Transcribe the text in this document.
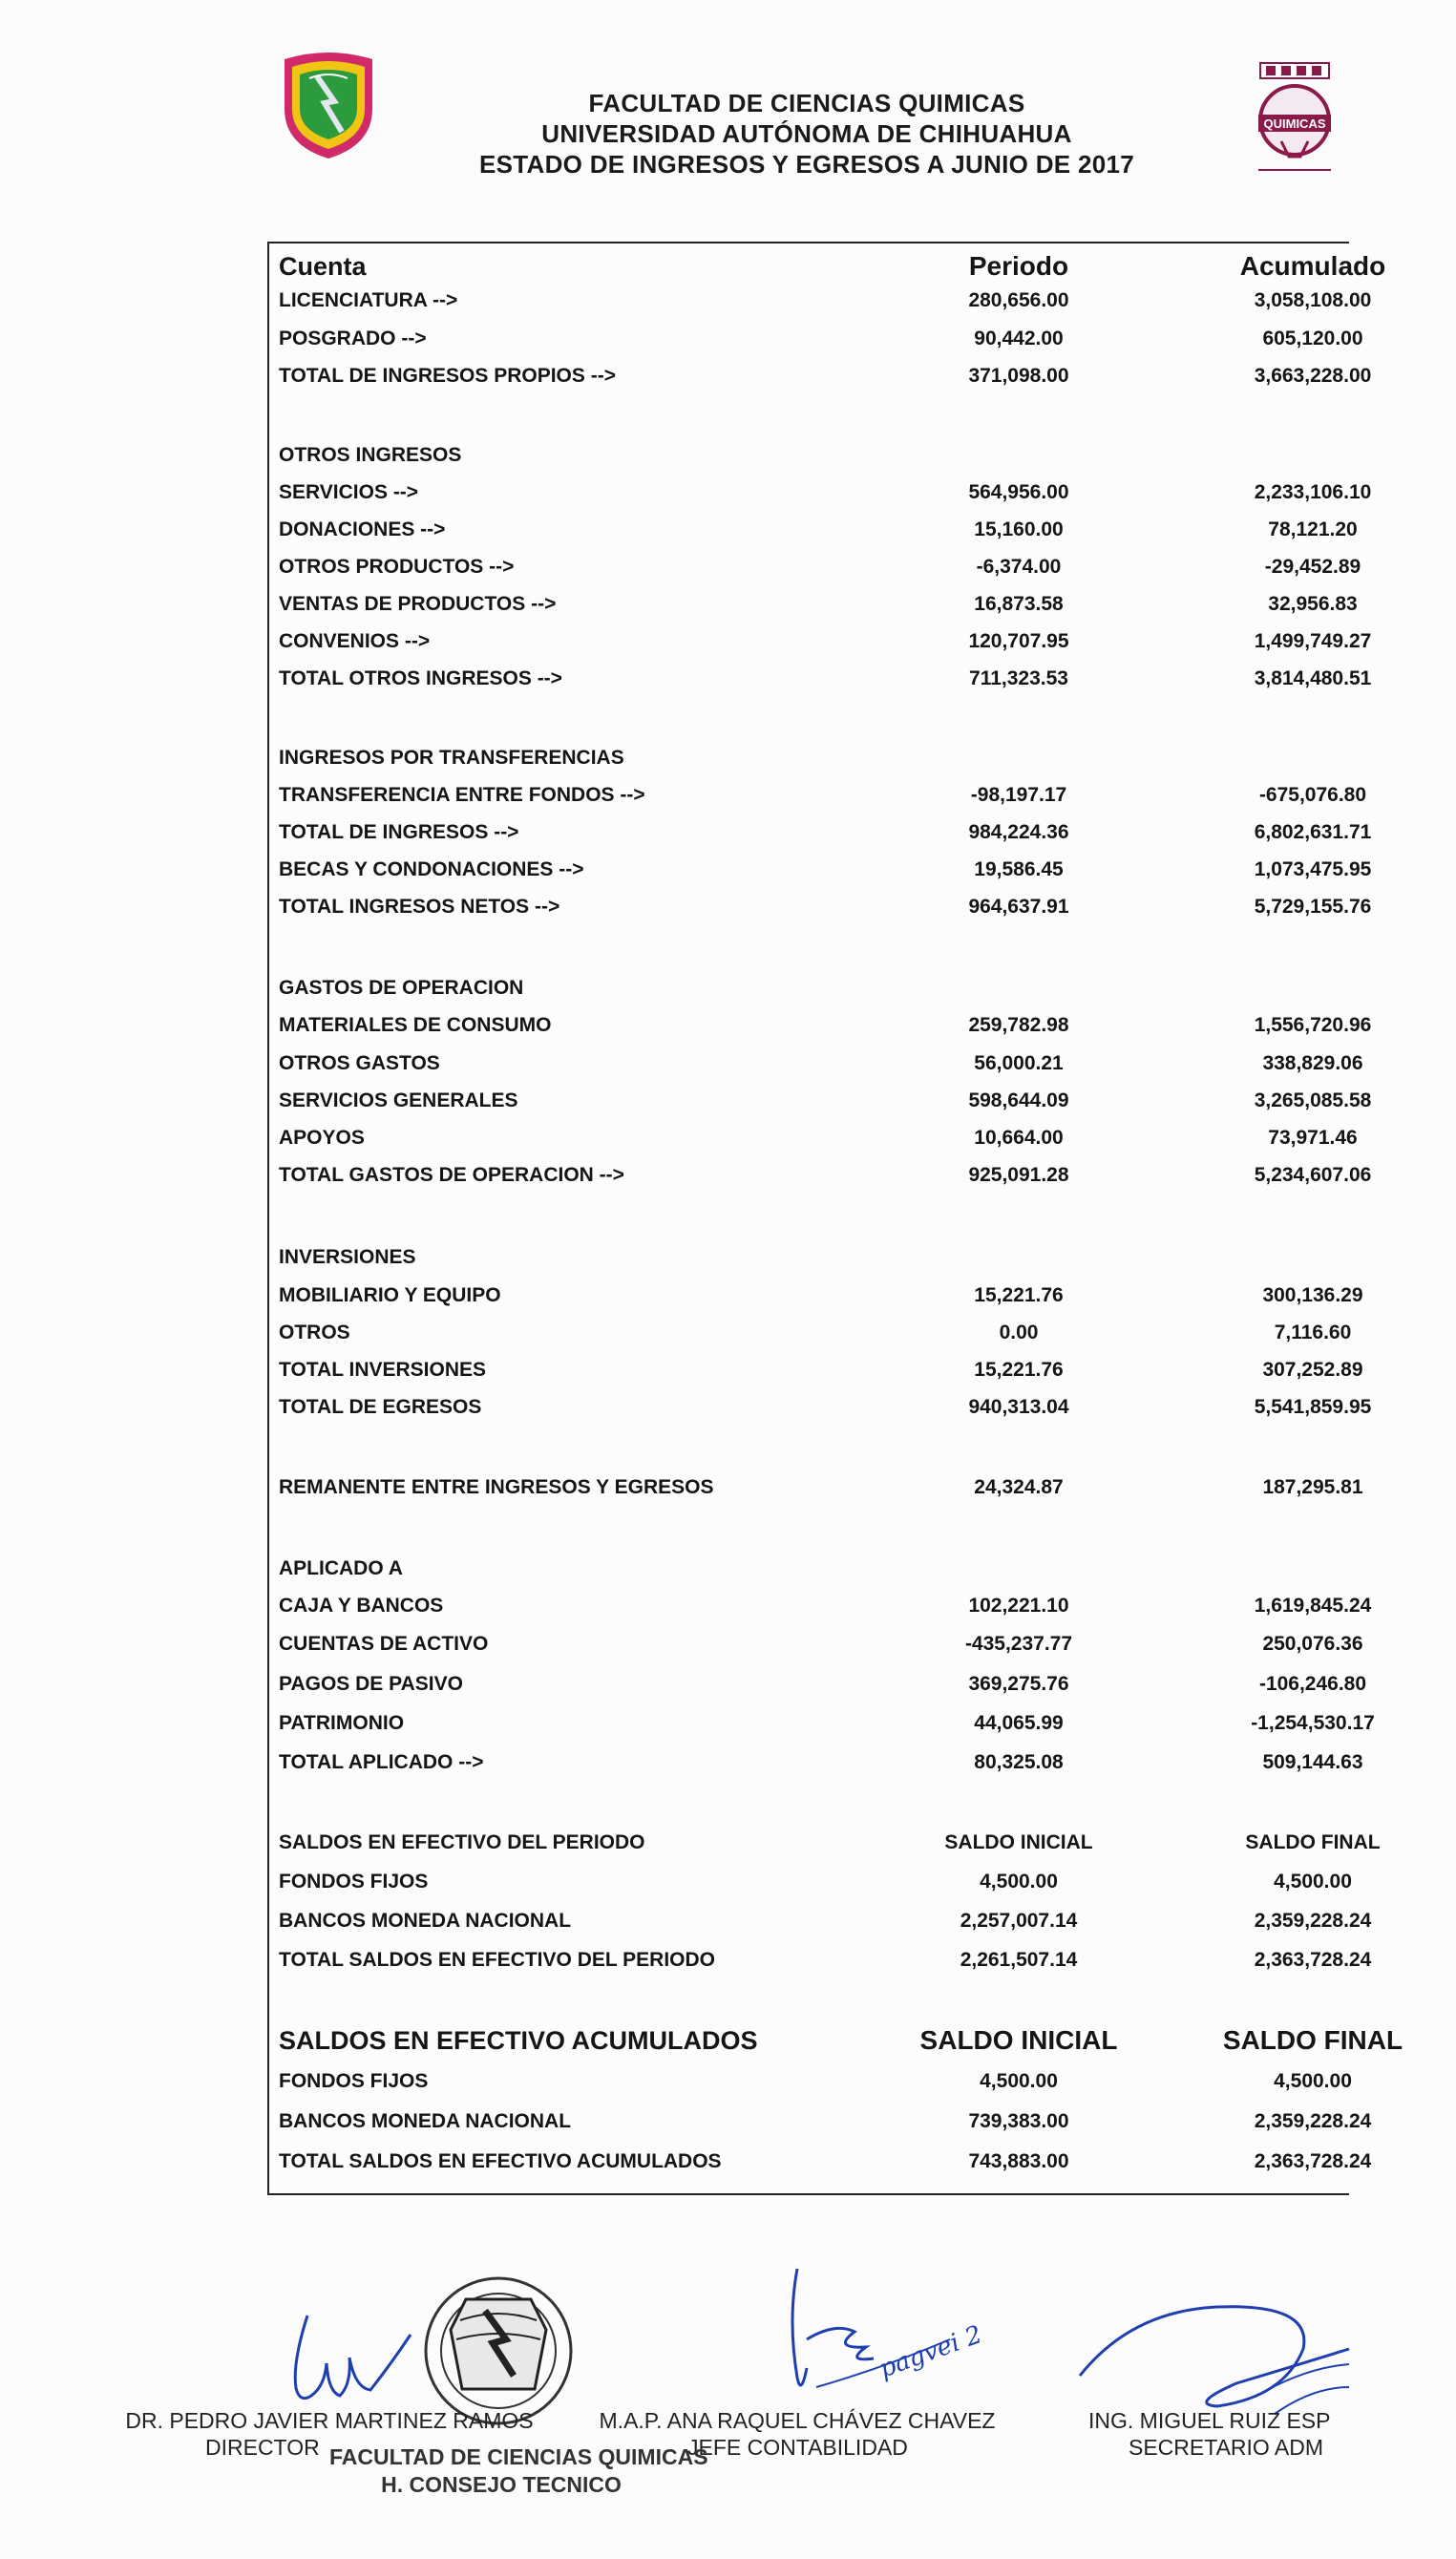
QUIMICAS
FACULTAD DE CIENCIAS QUIMICAS
UNIVERSIDAD AUTÓNOMA DE CHIHUAHUA
ESTADO DE INGRESOS Y EGRESOS A JUNIO DE 2017
Cuenta	Periodo	Acumulado
LICENCIATURA -->	280,656.00	3,058,108.00
POSGRADO -->	90,442.00	605,120.00
TOTAL DE INGRESOS PROPIOS -->	371,098.00	3,663,228.00
OTROS INGRESOS
SERVICIOS -->	564,956.00	2,233,106.10
DONACIONES -->	15,160.00	78,121.20
OTROS PRODUCTOS -->	-6,374.00	-29,452.89
VENTAS DE PRODUCTOS -->	16,873.58	32,956.83
CONVENIOS -->	120,707.95	1,499,749.27
TOTAL OTROS INGRESOS -->	711,323.53	3,814,480.51
INGRESOS POR TRANSFERENCIAS
TRANSFERENCIA ENTRE FONDOS -->	-98,197.17	-675,076.80
TOTAL DE INGRESOS -->	984,224.36	6,802,631.71
BECAS Y CONDONACIONES -->	19,586.45	1,073,475.95
TOTAL INGRESOS NETOS -->	964,637.91	5,729,155.76
GASTOS DE OPERACION
MATERIALES DE CONSUMO	259,782.98	1,556,720.96
OTROS GASTOS	56,000.21	338,829.06
SERVICIOS GENERALES	598,644.09	3,265,085.58
APOYOS	10,664.00	73,971.46
TOTAL GASTOS DE OPERACION -->	925,091.28	5,234,607.06
INVERSIONES
MOBILIARIO Y EQUIPO	15,221.76	300,136.29
OTROS	0.00	7,116.60
TOTAL INVERSIONES	15,221.76	307,252.89
TOTAL DE EGRESOS	940,313.04	5,541,859.95
REMANENTE ENTRE INGRESOS Y EGRESOS	24,324.87	187,295.81
APLICADO A
CAJA Y BANCOS	102,221.10	1,619,845.24
CUENTAS DE ACTIVO	-435,237.77	250,076.36
PAGOS DE PASIVO	369,275.76	-106,246.80
PATRIMONIO	44,065.99	-1,254,530.17
TOTAL APLICADO -->	80,325.08	509,144.63
SALDOS EN EFECTIVO DEL PERIODO	SALDO INICIAL	SALDO FINAL
FONDOS FIJOS	4,500.00	4,500.00
BANCOS MONEDA NACIONAL	2,257,007.14	2,359,228.24
TOTAL SALDOS EN EFECTIVO DEL PERIODO	2,261,507.14	2,363,728.24
SALDOS EN EFECTIVO ACUMULADOS	SALDO INICIAL	SALDO FINAL
FONDOS FIJOS	4,500.00	4,500.00
BANCOS MONEDA NACIONAL	739,383.00	2,359,228.24
TOTAL SALDOS EN EFECTIVO ACUMULADOS	743,883.00	2,363,728.24
pagvei 2
DR. PEDRO JAVIER MARTINEZ RAMOS
DIRECTOR
M.A.P. ANA RAQUEL CHÁVEZ CHAVEZ
JEFE CONTABILIDAD
ING. MIGUEL RUIZ ESP
SECRETARIO ADM
FACULTAD DE CIENCIAS QUIMICAS
H. CONSEJO TECNICO
